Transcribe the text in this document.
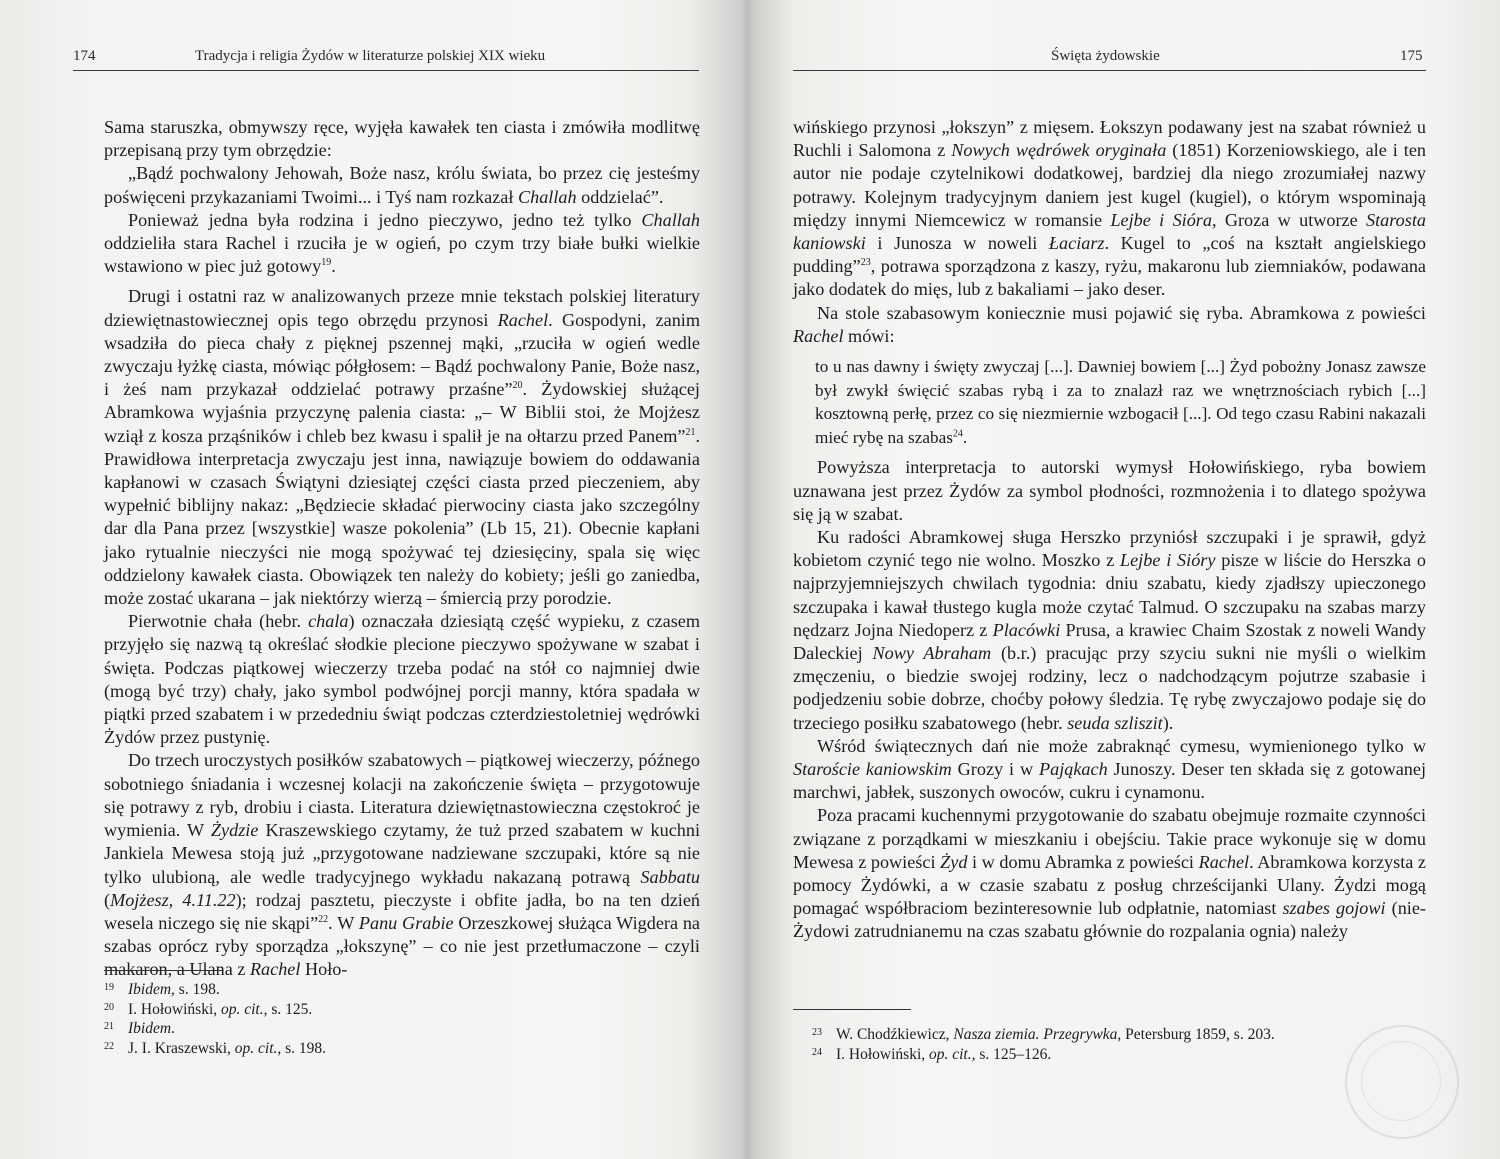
174	Tradycja i religia Żydów w literaturze polskiej XIX wieku

Sama staruszka, obmywszy ręce, wyjęła kawałek ten ciasta i zmówiła modlitwę przepisaną przy tym obrzędzie:

„Bądź pochwalony Jehowah, Boże nasz, królu świata, bo przez cię jesteśmy poświęceni przykazaniami Twoimi... i Tyś nam rozkazał Challah oddzielać”.

Ponieważ jedna była rodzina i jedno pieczywo, jedno też tylko Challah oddzieliła stara Rachel i rzuciła je w ogień, po czym trzy białe bułki wielkie wstawiono w piec już gotowy$^{19}$.

Drugi i ostatni raz w analizowanych przeze mnie tekstach polskiej literatury dziewiętnastowiecznej opis tego obrzędu przynosi Rachel. Gospodyni, zanim wsadziła do pieca chały z pięknej pszennej mąki, „rzuciła w ogień wedle zwyczaju łyżkę ciasta, mówiąc półgłosem: – Bądź pochwalony Panie, Boże nasz, i żeś nam przykazał oddzielać potrawy przaśne”$^{20}$. Żydowskiej służącej Abramkowa wyjaśnia przyczynę palenia ciasta: „– W Biblii stoi, że Mojżesz wziął z kosza prząśników i chleb bez kwasu i spalił je na ołtarzu przed Panem”$^{21}$. Prawidłowa interpretacja zwyczaju jest inna, nawiązuje bowiem do oddawania kapłanowi w czasach Świątyni dziesiątej części ciasta przed pieczeniem, aby wypełnić biblijny nakaz: „Będziecie składać pierwociny ciasta jako szczególny dar dla Pana przez [wszystkie] wasze pokolenia” (Lb 15, 21). Obecnie kapłani jako rytualnie nieczyści nie mogą spożywać tej dziesięciny, spala się więc oddzielony kawałek ciasta. Obowiązek ten należy do kobiety; jeśli go zaniedba, może zostać ukarana – jak niektórzy wierzą – śmiercią przy porodzie.

Pierwotnie chała (hebr. chala) oznaczała dziesiątą część wypieku, z czasem przyjęło się nazwą tą określać słodkie plecione pieczywo spożywane w szabat i święta. Podczas piątkowej wieczerzy trzeba podać na stół co najmniej dwie (mogą być trzy) chały, jako symbol podwójnej porcji manny, która spadała w piątki przed szabatem i w przededniu świąt podczas czterdziestoletniej wędrówki Żydów przez pustynię.

Do trzech uroczystych posiłków szabatowych – piątkowej wieczerzy, późnego sobotniego śniadania i wczesnej kolacji na zakończenie święta – przygotowuje się potrawy z ryb, drobiu i ciasta. Literatura dziewiętnastowieczna częstokroć je wymienia. W Żydzie Kraszewskiego czytamy, że tuż przed szabatem w kuchni Jankiela Mewesa stoją już „przygotowane nadziewane szczupaki, które są nie tylko ulubioną, ale wedle tradycyjnego wykładu nakazaną potrawą Sabbatu (Mojżesz, 4.11.22); rodzaj pasztetu, pieczyste i obfite jadła, bo na ten dzień wesela niczego się nie skąpi”$^{22}$. W Panu Grabie Orzeszkowej służąca Wigdera na szabas oprócz ryby sporządza „łokszynę” – co nie jest przetłumaczone – czyli makaron, a Ulana z Rachel Hoło-

19 Ibidem, s. 198.
20 I. Hołowiński, op. cit., s. 125.
21 Ibidem.
22 J. I. Kraszewski, op. cit., s. 198.
Święta żydowskie	175

wińskiego przynosi „łokszyn” z mięsem. Łokszyn podawany jest na szabat również u Ruchli i Salomona z Nowych wędrówek oryginała (1851) Korzeniowskiego, ale i ten autor nie podaje czytelnikowi dodatkowej, bardziej dla niego zrozumiałej nazwy potrawy. Kolejnym tradycyjnym daniem jest kugel (kugiel), o którym wspominają między innymi Niemcewicz w romansie Lejbe i Sióra, Groza w utworze Starosta kaniowski i Junosza w noweli Łaciarz. Kugel to „coś na kształt angielskiego pudding”$^{23}$, potrawa sporządzona z kaszy, ryżu, makaronu lub ziemniaków, podawana jako dodatek do mięs, lub z bakaliami – jako deser.

Na stole szabasowym koniecznie musi pojawić się ryba. Abramkowa z powieści Rachel mówi:

to u nas dawny i święty zwyczaj [...]. Dawniej bowiem [...] Żyd pobożny Jonasz zawsze był zwykł święcić szabas rybą i za to znalazł raz we wnętrznościach rybich [...] kosztowną perłę, przez co się niezmiernie wzbogacił [...]. Od tego czasu Rabini nakazali mieć rybę na szabas$^{24}$.

Powyższa interpretacja to autorski wymysł Hołowińskiego, ryba bowiem uznawana jest przez Żydów za symbol płodności, rozmnożenia i to dlatego spożywa się ją w szabat.

Ku radości Abramkowej sługa Herszko przyniósł szczupaki i je sprawił, gdyż kobietom czynić tego nie wolno. Moszko z Lejbe i Sióry pisze w liście do Herszka o najprzyjemniejszych chwilach tygodnia: dniu szabatu, kiedy zjadłszy upieczonego szczupaka i kawał tłustego kugla może czytać Talmud. O szczupaku na szabas marzy nędzarz Jojna Niedoperz z Placówki Prusa, a krawiec Chaim Szostak z noweli Wandy Daleckiej Nowy Abraham (b.r.) pracując przy szyciu sukni nie myśli o wielkim zmęczeniu, o biedzie swojej rodziny, lecz o nadchodzącym pojutrze szabasie i podjedzeniu sobie dobrze, choćby połowy śledzia. Tę rybę zwyczajowo podaje się do trzeciego posiłku szabatowego (hebr. seuda szliszit).

Wśród świątecznych dań nie może zabraknąć cymesu, wymienionego tylko w Staroście kaniowskim Grozy i w Pająkach Junoszy. Deser ten składa się z gotowanej marchwi, jabłek, suszonych owoców, cukru i cynamonu.

Poza pracami kuchennymi przygotowanie do szabatu obejmuje rozmaite czynności związane z porządkami w mieszkaniu i obejściu. Takie prace wykonuje się w domu Mewesa z powieści Żyd i w domu Abramka z powieści Rachel. Abramkowa korzysta z pomocy Żydówki, a w czasie szabatu z posług chrześcijanki Ulany. Żydzi mogą pomagać współbraciom bezinteresownie lub odpłatnie, natomiast szabes gojowi (nie-Żydowi zatrudnianemu na czas szabatu głównie do rozpalania ognia) należy

23 W. Chodźkiewicz, Nasza ziemia. Przegrywka, Petersburg 1859, s. 203.
24 I. Hołowiński, op. cit., s. 125–126.
